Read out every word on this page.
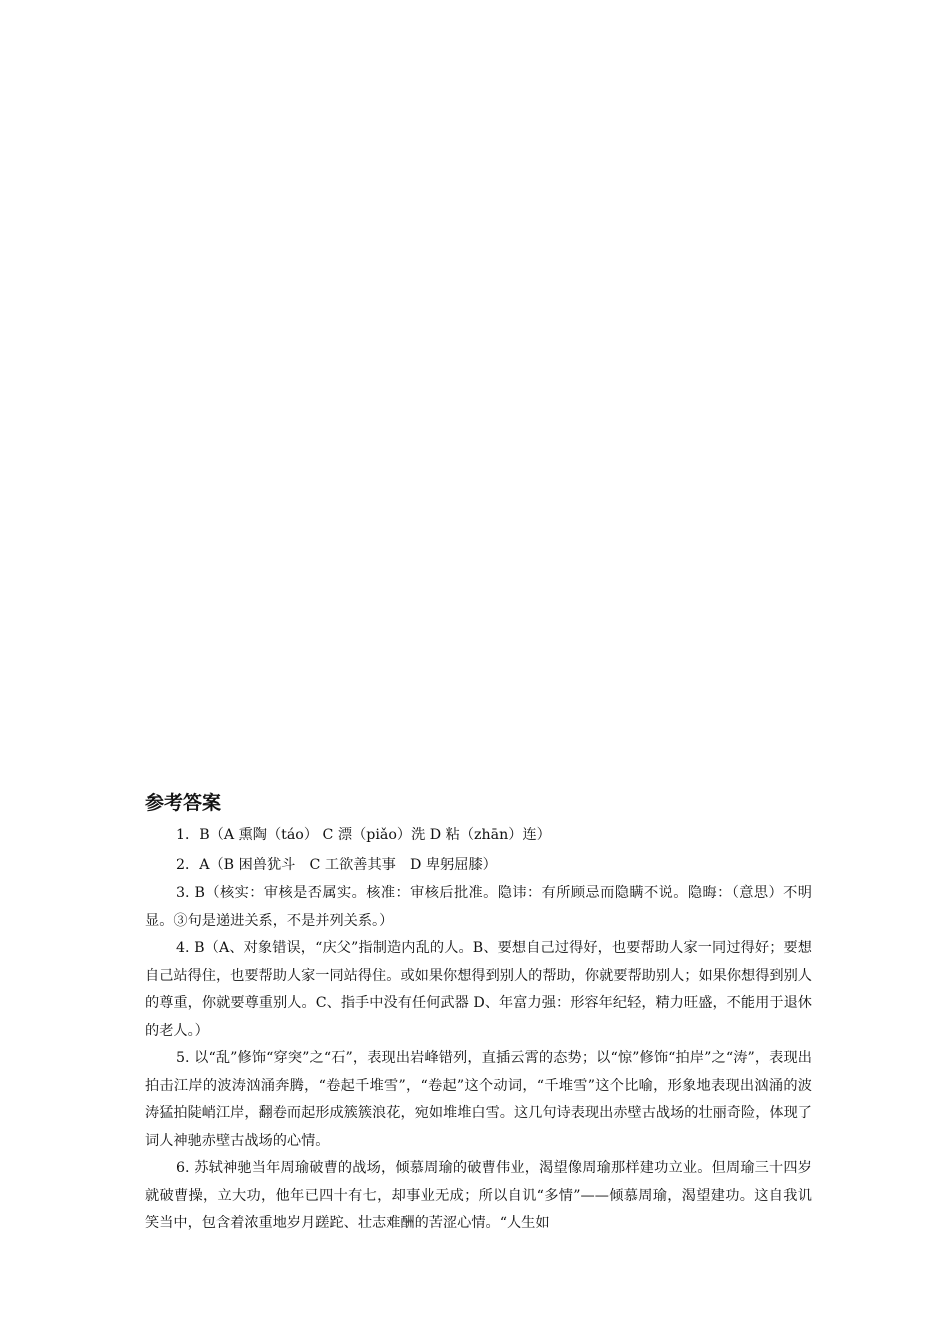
参考答案

1．B（A 熏陶（táo） C 漂（piǎo）洗 D 粘（zhān）连）

2．A（B 困兽犹斗　C 工欲善其事　D 卑躬屈膝）

3. B（核实：审核是否属实。核准：审核后批准。隐讳：有所顾忌而隐瞒不说。隐晦：（意思）不明显。③句是递进关系，不是并列关系。）

4. B（A、对象错误，“庆父”指制造内乱的人。B、要想自己过得好，也要帮助人家一同过得好；要想自己站得住，也要帮助人家一同站得住。或如果你想得到别人的帮助，你就要帮助别人；如果你想得到别人的尊重，你就要尊重别人。C、指手中没有任何武器 D、年富力强：形容年纪轻，精力旺盛，不能用于退休的老人。）

5. 以“乱”修饰“穿突”之“石”，表现出岩峰错列，直插云霄的态势；以“惊”修饰“拍岸”之“涛”，表现出拍击江岸的波涛汹涌奔腾，“卷起千堆雪”，“卷起”这个动词，“千堆雪”这个比喻，形象地表现出汹涌的波涛猛拍陡峭江岸，翻卷而起形成簇簇浪花，宛如堆堆白雪。这几句诗表现出赤壁古战场的壮丽奇险，体现了词人神驰赤壁古战场的心情。

6. 苏轼神驰当年周瑜破曹的战场，倾慕周瑜的破曹伟业，渴望像周瑜那样建功立业。但周瑜三十四岁就破曹操，立大功，他年已四十有七，却事业无成；所以自讥“多情”——倾慕周瑜，渴望建功。这自我讥笑当中，包含着浓重地岁月蹉跎、壮志难酬的苦涩心情。“人生如
